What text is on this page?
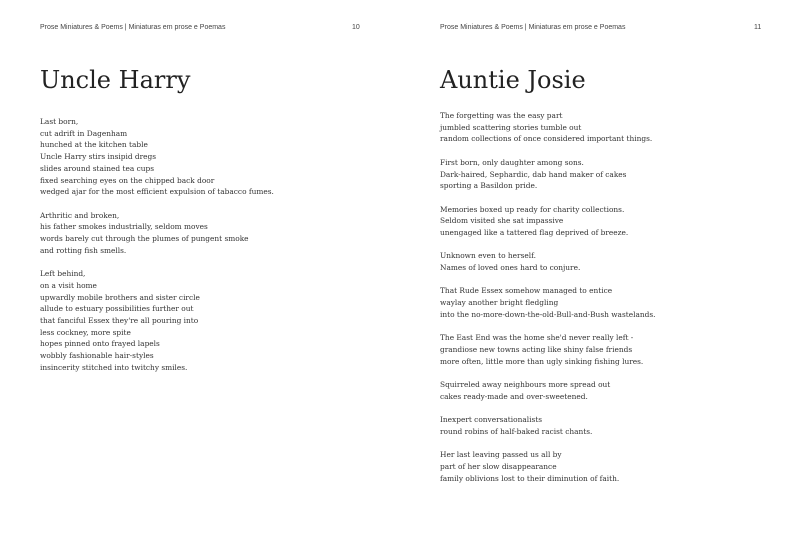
Prose Miniatures & Poems | Miniaturas em prose e Poemas	10
Uncle Harry
Last born,
cut adrift in Dagenham
hunched at the kitchen table
Uncle Harry stirs insipid dregs
slides around stained tea cups
fixed searching eyes on the chipped back door
wedged ajar for the most efficient expulsion of tabacco fumes.
Arthritic and broken,
his father smokes industrially, seldom moves
words barely cut through the plumes of pungent smoke
and rotting fish smells.
Left behind,
on a visit home
upwardly mobile brothers and sister circle
allude to estuary possibilities further out
that fanciful Essex they're all pouring into
less cockney, more spite
hopes pinned onto frayed lapels
wobbly fashionable hair-styles
insincerity stitched into twitchy smiles.
Prose Miniatures & Poems | Miniaturas em prose e Poemas	11
Auntie Josie
The forgetting was the easy part
jumbled scattering stories tumble out
random collections of once considered important things.
First born, only daughter among sons.
Dark-haired, Sephardic, dab hand maker of cakes
sporting a Basildon pride.
Memories boxed up ready for charity collections.
Seldom visited she sat impassive
unengaged like a tattered flag deprived of breeze.
Unknown even to herself.
Names of loved ones hard to conjure.
That Rude Essex somehow managed to entice
waylay another bright fledgling
into the no-more-down-the-old-Bull-and-Bush wastelands.
The East End was the home she'd never really left -
grandiose new towns acting like shiny false friends
more often, little more than ugly sinking fishing lures.
Squirreled away neighbours more spread out
cakes ready-made and over-sweetened.
Inexpert conversationalists
round robins of half-baked racist chants.
Her last leaving passed us all by
part of her slow disappearance
family oblivions lost to their diminution of faith.
